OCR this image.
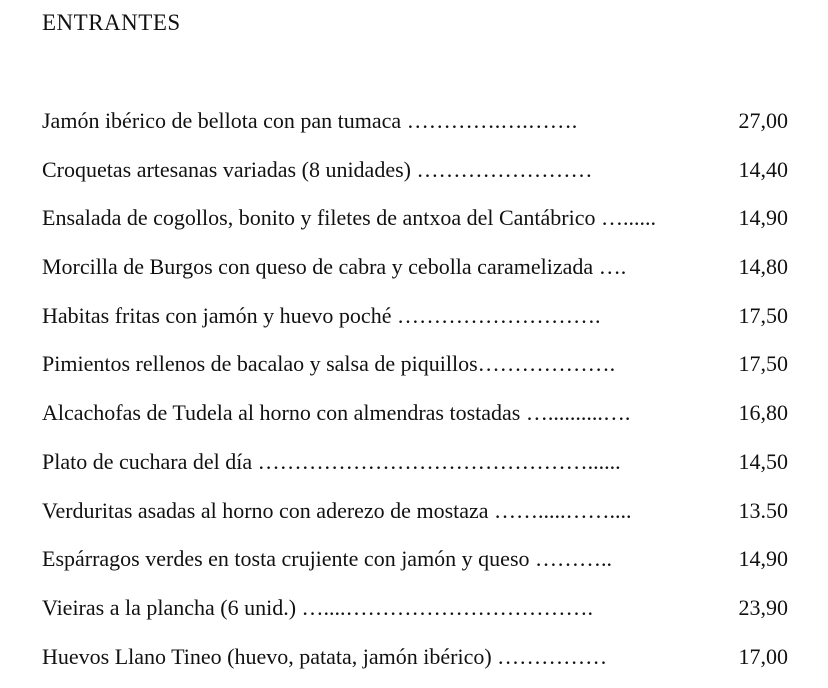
ENTRANTES
Jamón ibérico de bellota con pan tumaca ………….….…….	27,00
Croquetas artesanas variadas (8 unidades) ……………………	14,40
Ensalada de cogollos, bonito y filetes de antxoa del Cantábrico …......	14,90
Morcilla de Burgos con queso de cabra y cebolla caramelizada ….	14,80
Habitas fritas con jamón y huevo poché ……………………….	17,50
Pimientos rellenos de bacalao y salsa de piquillos……………….	17,50
Alcachofas de Tudela al horno con almendras tostadas …..........….	16,80
Plato de cuchara del día ………………………………………......	14,50
Verduritas asadas al horno con aderezo de mostaza …….....……....	13.50
Espárragos verdes en tosta crujiente con jamón y queso ………..	14,90
Vieiras a la plancha (6 unid.) …....…………………………….	23,90
Huevos Llano Tineo (huevo, patata, jamón ibérico) ……………	17,00
